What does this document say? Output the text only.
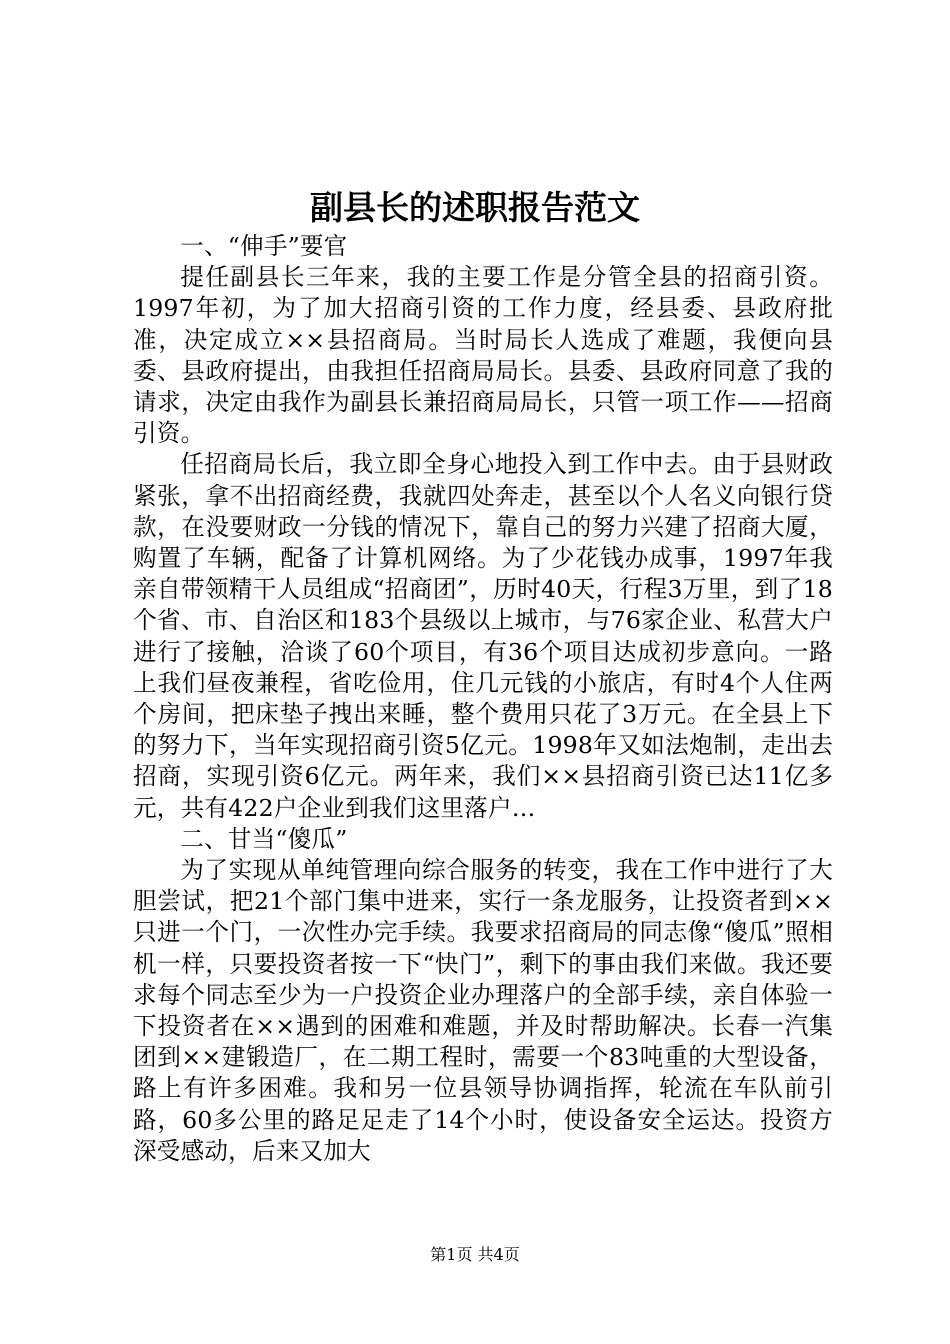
副县长的述职报告范文

一、“伸手”要官

提任副县长三年来，我的主要工作是分管全县的招商引资。1997年初，为了加大招商引资的工作力度，经县委、县政府批准，决定成立××县招商局。当时局长人选成了难题，我便向县委、县政府提出，由我担任招商局局长。县委、县政府同意了我的请求，决定由我作为副县长兼招商局局长，只管一项工作——招商引资。

任招商局长后，我立即全身心地投入到工作中去。由于县财政紧张，拿不出招商经费，我就四处奔走，甚至以个人名义向银行贷款，在没要财政一分钱的情况下，靠自己的努力兴建了招商大厦，购置了车辆，配备了计算机网络。为了少花钱办成事，1997年我亲自带领精干人员组成“招商团”，历时40天，行程3万里，到了18个省、市、自治区和183个县级以上城市，与76家企业、私营大户进行了接触，洽谈了60个项目，有36个项目达成初步意向。一路上我们昼夜兼程，省吃俭用，住几元钱的小旅店，有时4个人住两个房间，把床垫子拽出来睡，整个费用只花了3万元。在全县上下的努力下，当年实现招商引资5亿元。1998年又如法炮制，走出去招商，实现引资6亿元。两年来，我们××县招商引资已达11亿多元，共有422户企业到我们这里落户…

二、甘当“傻瓜”

为了实现从单纯管理向综合服务的转变，我在工作中进行了大胆尝试，把21个部门集中进来，实行一条龙服务，让投资者到××只进一个门，一次性办完手续。我要求招商局的同志像“傻瓜”照相机一样，只要投资者按一下“快门”，剩下的事由我们来做。我还要求每个同志至少为一户投资企业办理落户的全部手续，亲自体验一下投资者在××遇到的困难和难题，并及时帮助解决。长春一汽集团到××建锻造厂，在二期工程时，需要一个83吨重的大型设备，路上有许多困难。我和另一位县领导协调指挥，轮流在车队前引路，60多公里的路足足走了14个小时，使设备安全运达。投资方深受感动，后来又加大

第1页 共4页
